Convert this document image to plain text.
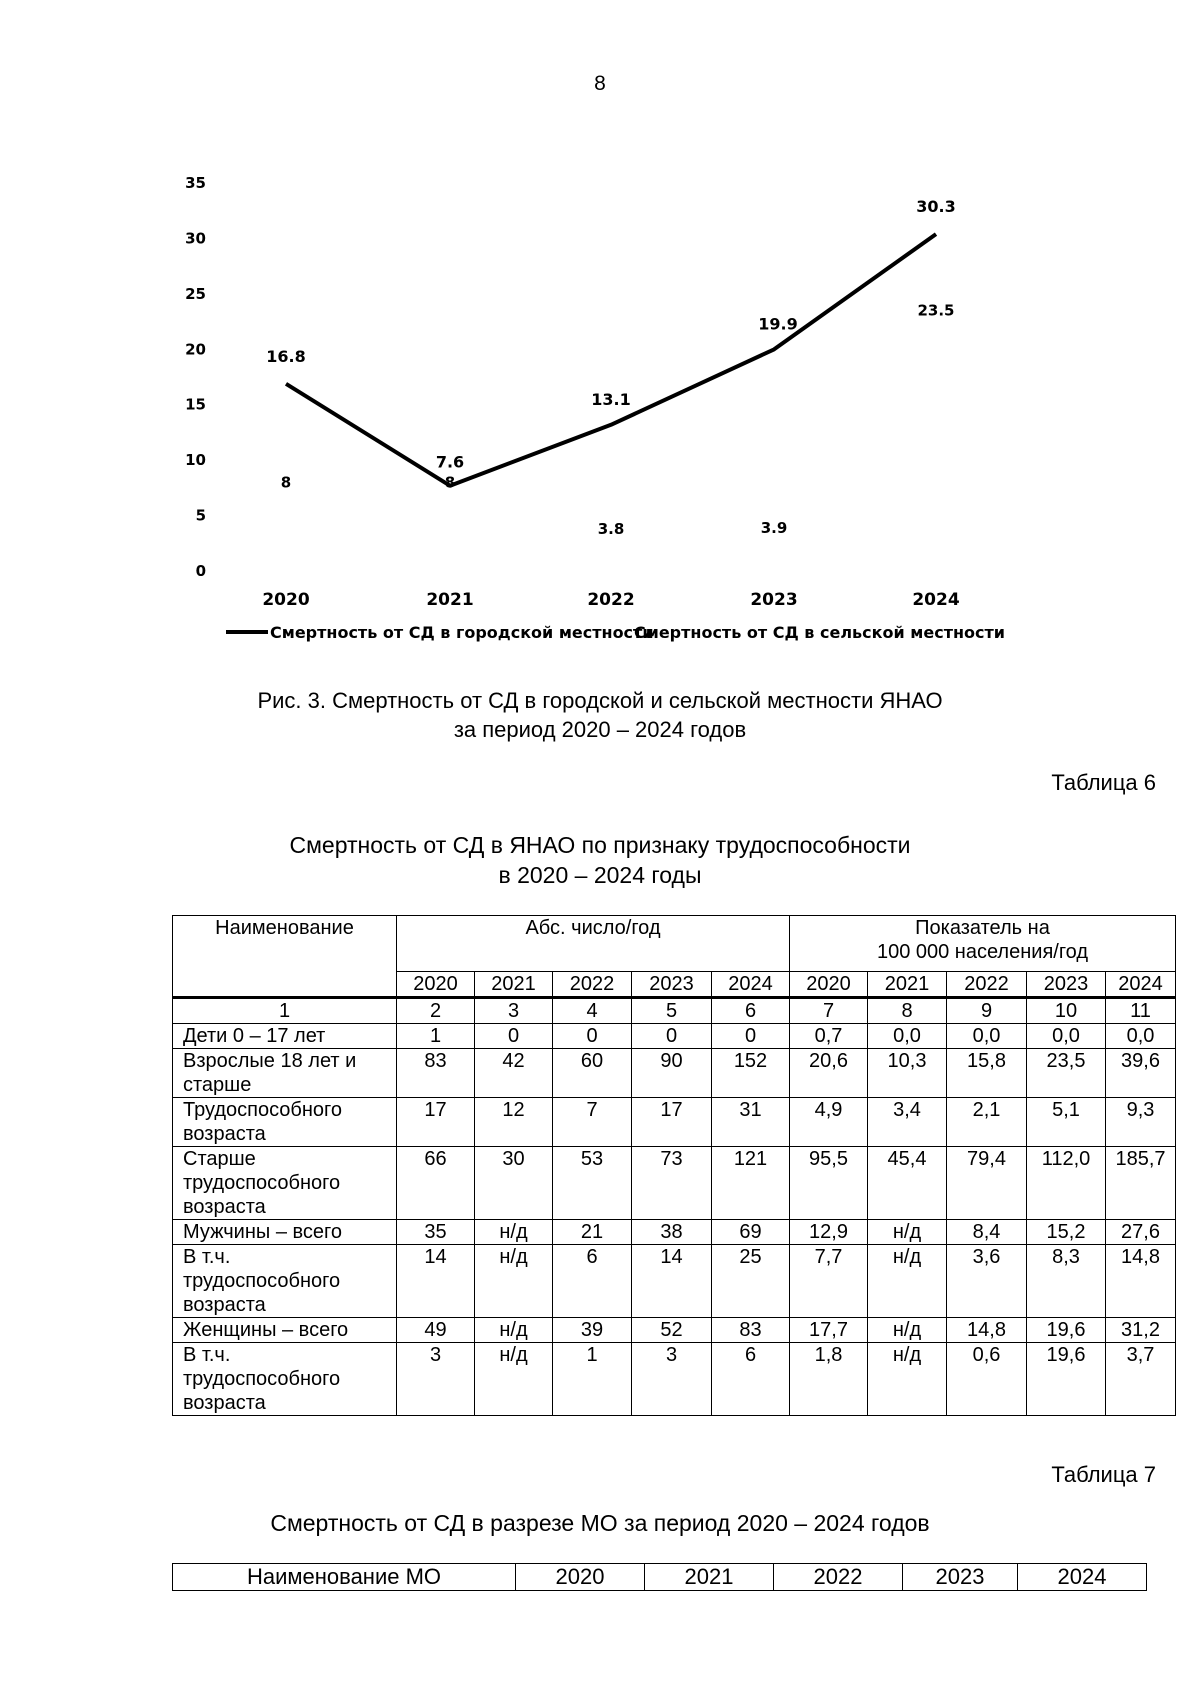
8
0
5
10
15
20
25
30
35
2020	2021	2022	2023	2024
16.8
7.6
13.1
19.9
30.3
8	8
3.8	3.9
23.5
Смертность от СД в городской местности
Смертность от СД в сельской местности
Рис. 3. Смертность от СД в городской и сельской местности ЯНАО
за период 2020 – 2024 годов
Таблица 6
Смертность от СД в ЯНАО по признаку трудоспособности
в 2020 – 2024 годы
Наименование	Абс. число/год					Показатель на
100 000 населения/год				

	2020	2021	2022	2023	2024	2020	2021	2022	2023	2024
1	2	3	4	5	6	7	8	9	10	11
Дети 0 – 17 лет	1	0	0	0	0	0,7	0,0	0,0	0,0	0,0
Взрослые 18 лет и старше	83	42	60	90	152	20,6	10,3	15,8	23,5	39,6
Трудоспособного возраста	17	12	7	17	31	4,9	3,4	2,1	5,1	9,3
Старше трудоспособного возраста	66	30	53	73	121	95,5	45,4	79,4	112,0	185,7
Мужчины – всего	35	н/д	21	38	69	12,9	н/д	8,4	15,2	27,6
В т.ч. трудоспособного возраста	14	н/д	6	14	25	7,7	н/д	3,6	8,3	14,8
Женщины – всего	49	н/д	39	52	83	17,7	н/д	14,8	19,6	31,2
В т.ч. трудоспособного возраста	3	н/д	1	3	6	1,8	н/д	0,6	19,6	3,7
Таблица 7
Смертность от СД в разрезе МО за период 2020 – 2024 годов
Наименование МО	2020	2021	2022	2023	2024
